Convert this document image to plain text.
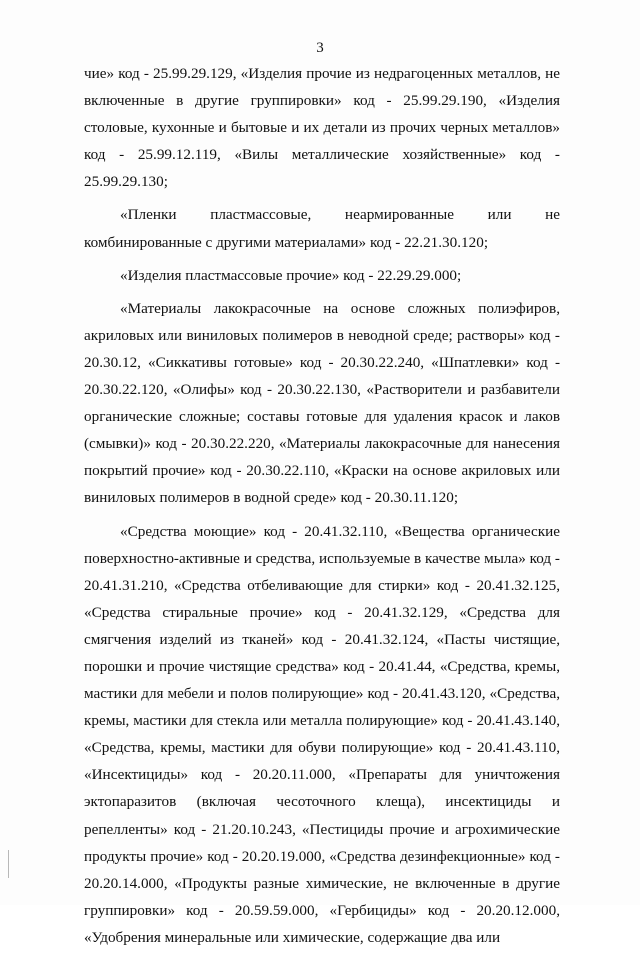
3

чие» код - 25.99.29.129, «Изделия прочие из недрагоценных металлов, не включенные в другие группировки» код - 25.99.29.190, «Изделия столовые, кухонные и бытовые и их детали из прочих черных металлов» код - 25.99.12.119, «Вилы металлические хозяйственные» код - 25.99.29.130;

«Пленки пластмассовые, неармированные или не комбинированные с другими материалами» код - 22.21.30.120;

«Изделия пластмассовые прочие» код - 22.29.29.000;

«Материалы лакокрасочные на основе сложных полиэфиров, акриловых или виниловых полимеров в неводной среде; растворы» код - 20.30.12, «Сиккативы готовые» код - 20.30.22.240, «Шпатлевки» код - 20.30.22.120, «Олифы» код - 20.30.22.130, «Растворители и разбавители органические сложные; составы готовые для удаления красок и лаков (смывки)» код - 20.30.22.220, «Материалы лакокрасочные для нанесения покрытий прочие» код - 20.30.22.110, «Краски на основе акриловых или виниловых полимеров в водной среде» код - 20.30.11.120;

«Средства моющие» код - 20.41.32.110, «Вещества органические поверхностно-активные и средства, используемые в качестве мыла» код - 20.41.31.210, «Средства отбеливающие для стирки» код - 20.41.32.125, «Средства стиральные прочие» код - 20.41.32.129, «Средства для смягчения изделий из тканей» код - 20.41.32.124, «Пасты чистящие, порошки и прочие чистящие средства» код - 20.41.44, «Средства, кремы, мастики для мебели и полов полирующие» код - 20.41.43.120, «Средства, кремы, мастики для стекла или металла полирующие» код - 20.41.43.140, «Средства, кремы, мастики для обуви полирующие» код - 20.41.43.110, «Инсектициды» код - 20.20.11.000, «Препараты для уничтожения эктопаразитов (включая чесоточного клеща), инсектициды и репелленты» код - 21.20.10.243, «Пестициды прочие и агрохимические продукты прочие» код - 20.20.19.000, «Средства дезинфекционные» код - 20.20.14.000, «Продукты разные химические, не включенные в другие группировки» код - 20.59.59.000, «Гербициды» код - 20.20.12.000, «Удобрения минеральные или химические, содержащие два или
